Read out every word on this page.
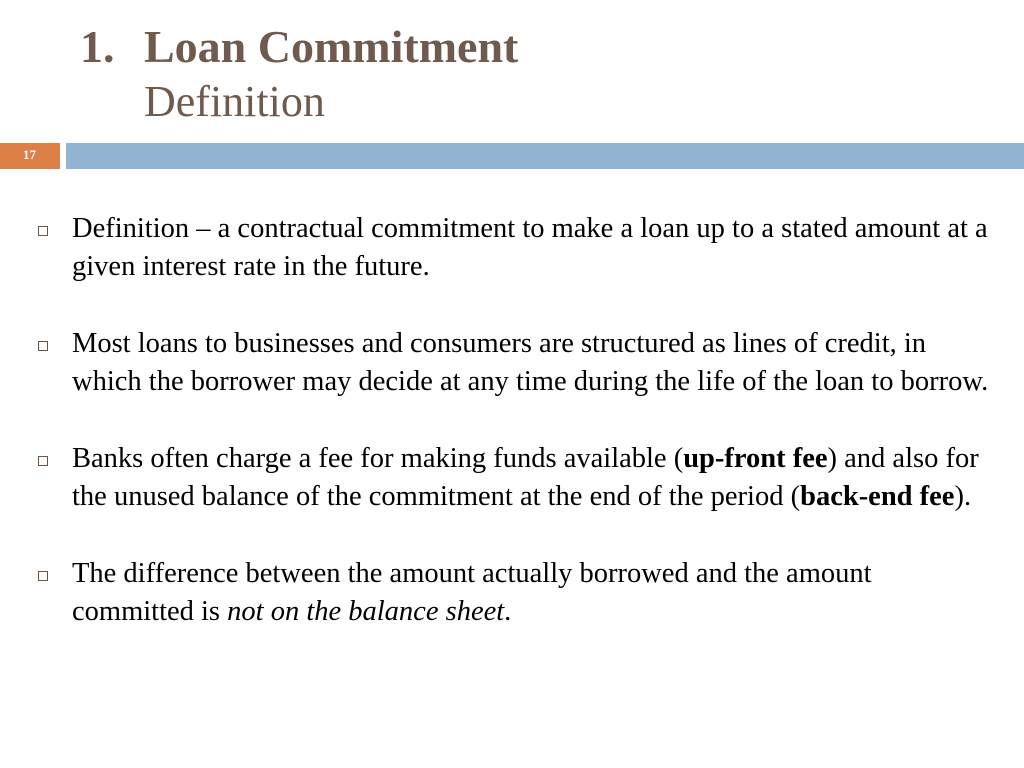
1. Loan Commitment
Definition
17
Definition – a contractual commitment to make a loan up to a stated amount at a given interest rate in the future.
Most loans to businesses and consumers are structured as lines of credit, in which the borrower may decide at any time during the life of the loan to borrow.
Banks often charge a fee for making funds available (up-front fee) and also for the unused balance of the commitment at the end of the period (back-end fee).
The difference between the amount actually borrowed and the amount committed is not on the balance sheet.
